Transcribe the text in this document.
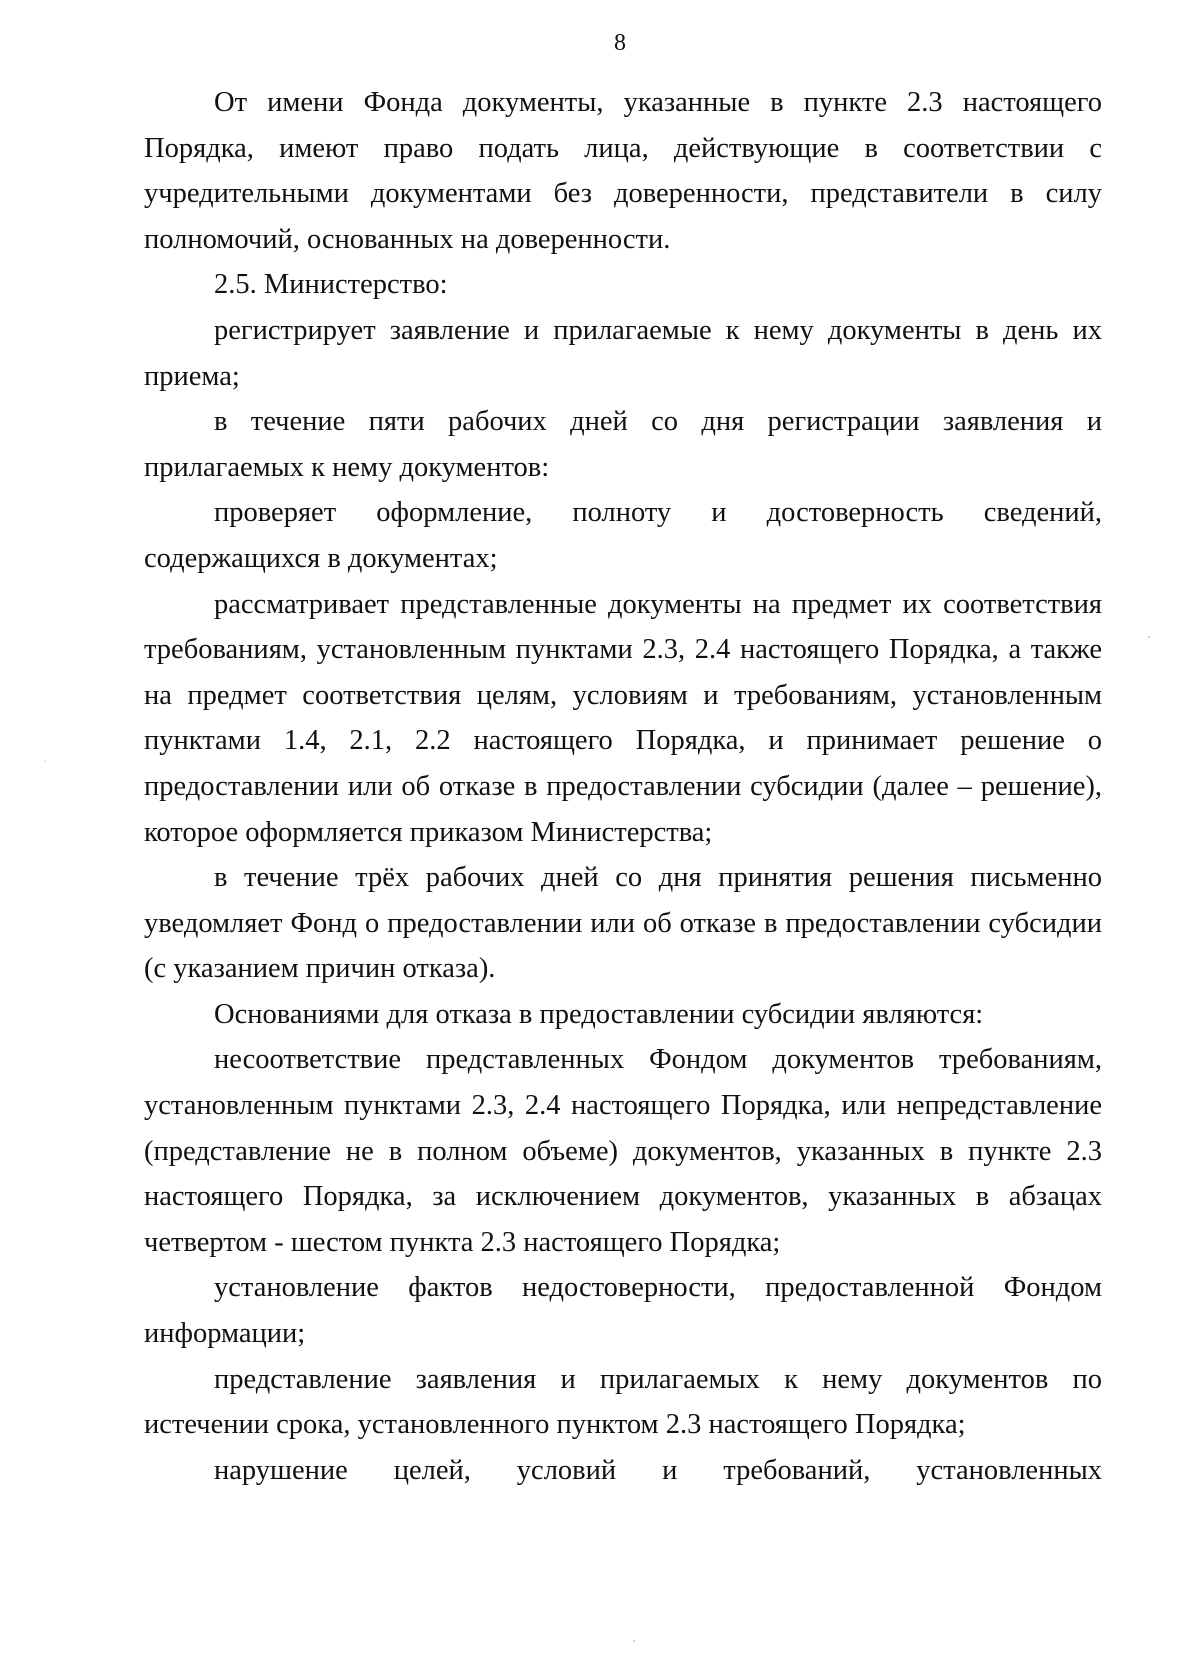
8

От имени Фонда документы, указанные в пункте 2.3 настоящего Порядка, имеют право подать лица, действующие в соответствии с учредительными документами без доверенности, представители в силу полномочий, основанных на доверенности.

2.5. Министерство:

регистрирует заявление и прилагаемые к нему документы в день их приема;

в течение пяти рабочих дней со дня регистрации заявления и прилагаемых к нему документов:

проверяет оформление, полноту и достоверность сведений, содержащихся в документах;

рассматривает представленные документы на предмет их соответствия требованиям, установленным пунктами 2.3, 2.4 настоящего Порядка, а также на предмет соответствия целям, условиям и требованиям, установленным пунктами 1.4, 2.1, 2.2 настоящего Порядка, и принимает решение о предоставлении или об отказе в предоставлении субсидии (далее – решение), которое оформляется приказом Министерства;

в течение трёх рабочих дней со дня принятия решения письменно уведомляет Фонд о предоставлении или об отказе в предоставлении субсидии (с указанием причин отказа).

Основаниями для отказа в предоставлении субсидии являются:

несоответствие представленных Фондом документов требованиям, установленным пунктами 2.3, 2.4 настоящего Порядка, или непредставление (представление не в полном объеме) документов, указанных в пункте 2.3 настоящего Порядка, за исключением документов, указанных в абзацах четвертом - шестом пункта 2.3 настоящего Порядка;

установление фактов недостоверности, предоставленной Фондом информации;

представление заявления и прилагаемых к нему документов по истечении срока, установленного пунктом 2.3 настоящего Порядка;

нарушение целей, условий и требований, установленных
